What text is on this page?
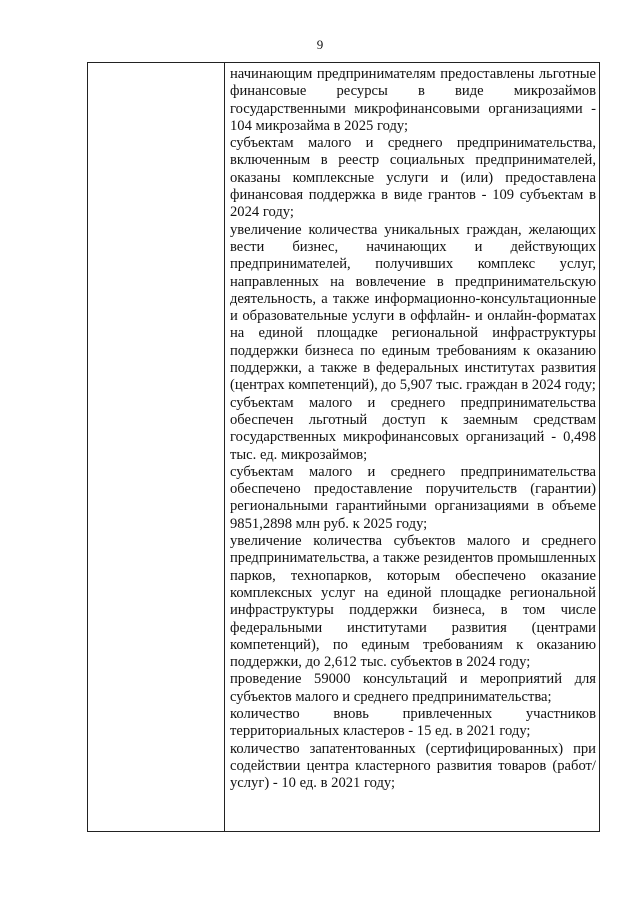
9

начинающим предпринимателям предоставлены льготные финансовые ресурсы в виде микрозаймов государственными микрофинансовыми организациями - 104 микрозайма в 2025 году;

субъектам малого и среднего предпринимательства, включенным в реестр социальных предпринимателей, оказаны комплексные услуги и (или) предоставлена финансовая поддержка в виде грантов - 109 субъектам в 2024 году;

увеличение количества уникальных граждан, желающих вести бизнес, начинающих и действующих предпринимателей, получивших комплекс услуг, направленных на вовлечение в предпринимательскую деятельность, а также информационно-консультационные и образовательные услуги в оффлайн- и онлайн-форматах на единой площадке региональной инфраструктуры поддержки бизнеса по единым требованиям к оказанию поддержки, а также в федеральных институтах развития (центрах компетенций), до 5,907 тыс. граждан в 2024 году;

субъектам малого и среднего предпринимательства обеспечен льготный доступ к заемным средствам государственных микрофинансовых организаций - 0,498 тыс. ед. микрозаймов;

субъектам малого и среднего предпринимательства обеспечено предоставление поручительств (гарантии) региональными гарантийными организациями в объеме 9851,2898 млн руб. к 2025 году;

увеличение количества субъектов малого и среднего предпринимательства, а также резидентов промышленных парков, технопарков, которым обеспечено оказание комплексных услуг на единой площадке региональной инфраструктуры поддержки бизнеса, в том числе федеральными институтами развития (центрами компетенций), по единым требованиям к оказанию поддержки, до 2,612 тыс. субъектов в 2024 году;

проведение 59000 консультаций и мероприятий для субъектов малого и среднего предпринимательства;

количество вновь привлеченных участников территориальных кластеров - 15 ед. в 2021 году;

количество запатентованных (сертифицированных) при содействии центра кластерного развития товаров (работ/услуг) - 10 ед. в 2021 году;
